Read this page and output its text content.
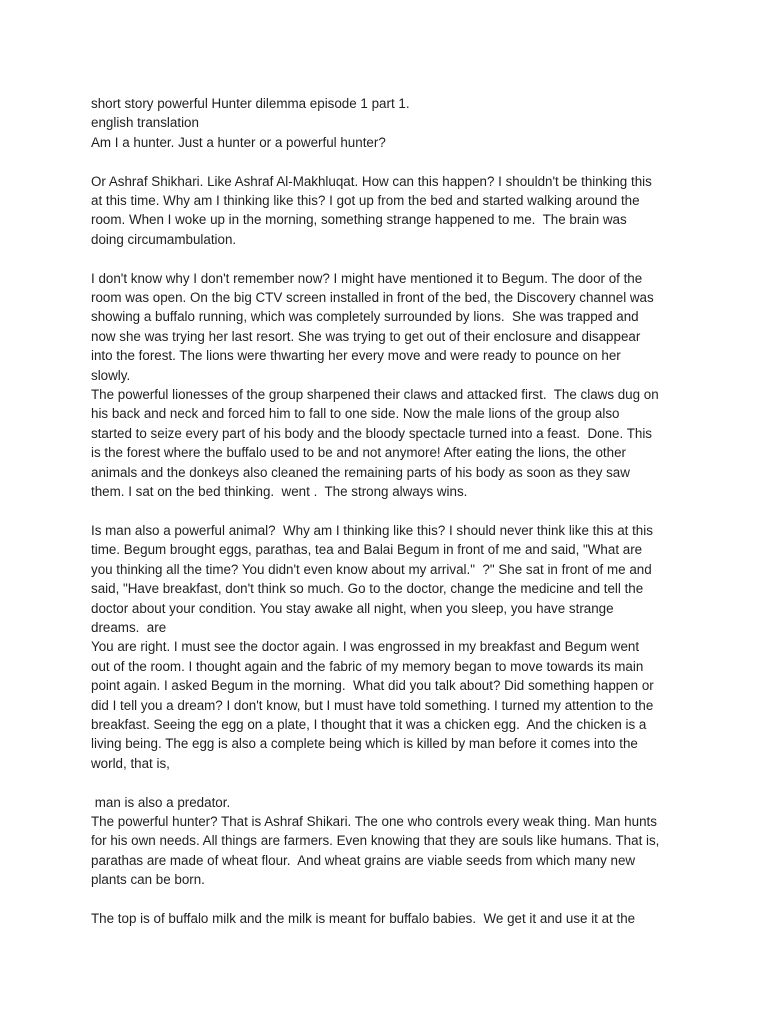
short story powerful Hunter dilemma episode 1 part 1.
english translation
Am I a hunter. Just a hunter or a powerful hunter?
Or Ashraf Shikhari. Like Ashraf Al-Makhluqat. How can this happen? I shouldn't be thinking this
at this time. Why am I thinking like this? I got up from the bed and started walking around the
room. When I woke up in the morning, something strange happened to me.  The brain was
doing circumambulation.
I don't know why I don't remember now? I might have mentioned it to Begum. The door of the
room was open. On the big CTV screen installed in front of the bed, the Discovery channel was
showing a buffalo running, which was completely surrounded by lions.  She was trapped and
now she was trying her last resort. She was trying to get out of their enclosure and disappear
into the forest. The lions were thwarting her every move and were ready to pounce on her
slowly.
The powerful lionesses of the group sharpened their claws and attacked first.  The claws dug on
his back and neck and forced him to fall to one side. Now the male lions of the group also
started to seize every part of his body and the bloody spectacle turned into a feast.  Done. This
is the forest where the buffalo used to be and not anymore! After eating the lions, the other
animals and the donkeys also cleaned the remaining parts of his body as soon as they saw
them. I sat on the bed thinking.  went .  The strong always wins.
Is man also a powerful animal?  Why am I thinking like this? I should never think like this at this
time. Begum brought eggs, parathas, tea and Balai Begum in front of me and said, "What are
you thinking all the time? You didn't even know about my arrival."  ?" She sat in front of me and
said, "Have breakfast, don't think so much. Go to the doctor, change the medicine and tell the
doctor about your condition. You stay awake all night, when you sleep, you have strange
dreams.  are
You are right. I must see the doctor again. I was engrossed in my breakfast and Begum went
out of the room. I thought again and the fabric of my memory began to move towards its main
point again. I asked Begum in the morning.  What did you talk about? Did something happen or
did I tell you a dream? I don't know, but I must have told something. I turned my attention to the
breakfast. Seeing the egg on a plate, I thought that it was a chicken egg.  And the chicken is a
living being. The egg is also a complete being which is killed by man before it comes into the
world, that is,
man is also a predator.
The powerful hunter? That is Ashraf Shikari. The one who controls every weak thing. Man hunts
for his own needs. All things are farmers. Even knowing that they are souls like humans. That is,
parathas are made of wheat flour.  And wheat grains are viable seeds from which many new
plants can be born.
The top is of buffalo milk and the milk is meant for buffalo babies.  We get it and use it at the
